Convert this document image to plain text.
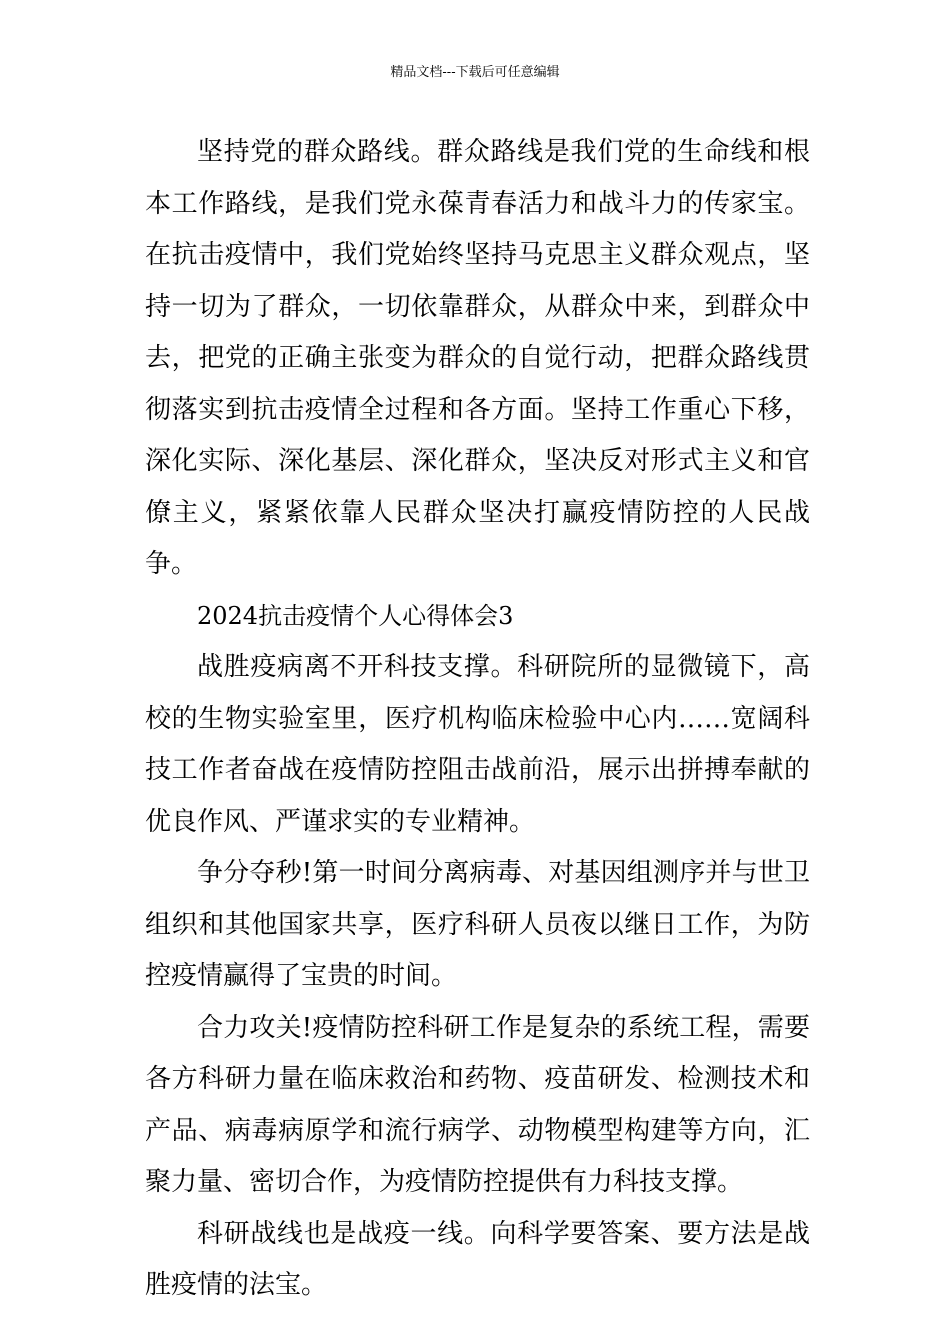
精品文档---下载后可任意编辑

坚持党的群众路线。群众路线是我们党的生命线和根本工作路线，是我们党永葆青春活力和战斗力的传家宝。在抗击疫情中，我们党始终坚持马克思主义群众观点，坚持一切为了群众，一切依靠群众，从群众中来，到群众中去，把党的正确主张变为群众的自觉行动，把群众路线贯彻落实到抗击疫情全过程和各方面。坚持工作重心下移，深化实际、深化基层、深化群众，坚决反对形式主义和官僚主义，紧紧依靠人民群众坚决打赢疫情防控的人民战争。

2024抗击疫情个人心得体会3

战胜疫病离不开科技支撑。科研院所的显微镜下，高校的生物实验室里，医疗机构临床检验中心内……宽阔科技工作者奋战在疫情防控阻击战前沿，展示出拼搏奉献的优良作风、严谨求实的专业精神。

争分夺秒!第一时间分离病毒、对基因组测序并与世卫组织和其他国家共享，医疗科研人员夜以继日工作，为防控疫情赢得了宝贵的时间。

合力攻关!疫情防控科研工作是复杂的系统工程，需要各方科研力量在临床救治和药物、疫苗研发、检测技术和产品、病毒病原学和流行病学、动物模型构建等方向，汇聚力量、密切合作，为疫情防控提供有力科技支撑。

科研战线也是战疫一线。向科学要答案、要方法是战胜疫情的法宝。
